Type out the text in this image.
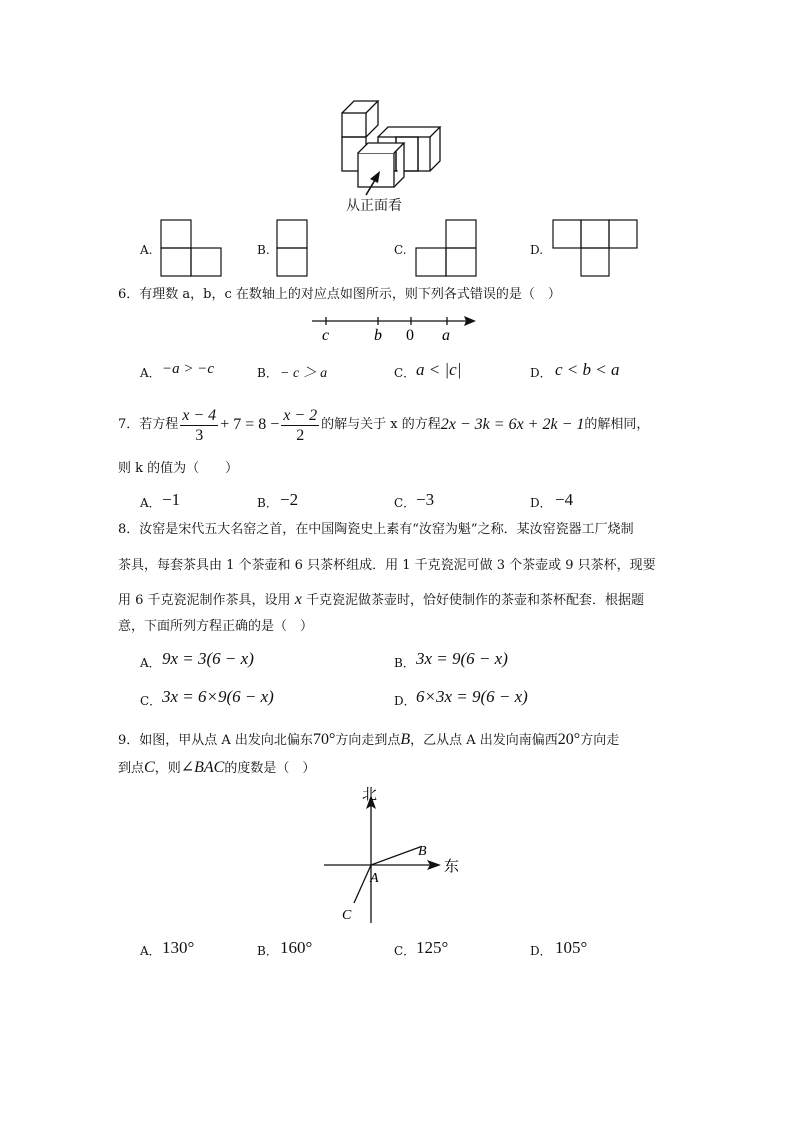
从正面看
A.	B.	C.	D.
6．有理数 a，b，c 在数轴上的对应点如图所示，则下列各式错误的是（　）
c	b 0 a
A． −a > −c	B． − c ＞ a	C． a < |c|	D． c < b < a
7．若方程 $\frac{x - 4}{3} + 7 = 8 - \frac{x - 2}{2}$ 的解与关于 x 的方程 2x − 3k = 6x + 2k − 1 的解相同，
则 k 的值为（　　）
A． −1	B． −2	C． −3	D． −4
8．汝窑是宋代五大名窑之首，在中国陶瓷史上素有“汝窑为魁”之称．某汝窑瓷器工厂烧制
茶具，每套茶具由 1 个茶壶和 6 只茶杯组成．用 1 千克瓷泥可做 3 个茶壶或 9 只茶杯，现要
用 6 千克瓷泥制作茶具，设用 x 千克瓷泥做茶壶时，恰好使制作的茶壶和茶杯配套．根据题
意，下面所列方程正确的是（　）
A． 9x = 3(6 − x)	B． 3x = 9(6 − x)
C． 3x = 6×9(6 − x)	D． 6×3x = 9(6 − x)
9．如图，甲从点 A 出发向北偏东70°方向走到点B，乙从点 A 出发向南偏西20°方向走
到点C，则∠BAC的度数是（　）
北
东
A
B
C
A． 130°	B． 160°	C． 125°	D． 105°
